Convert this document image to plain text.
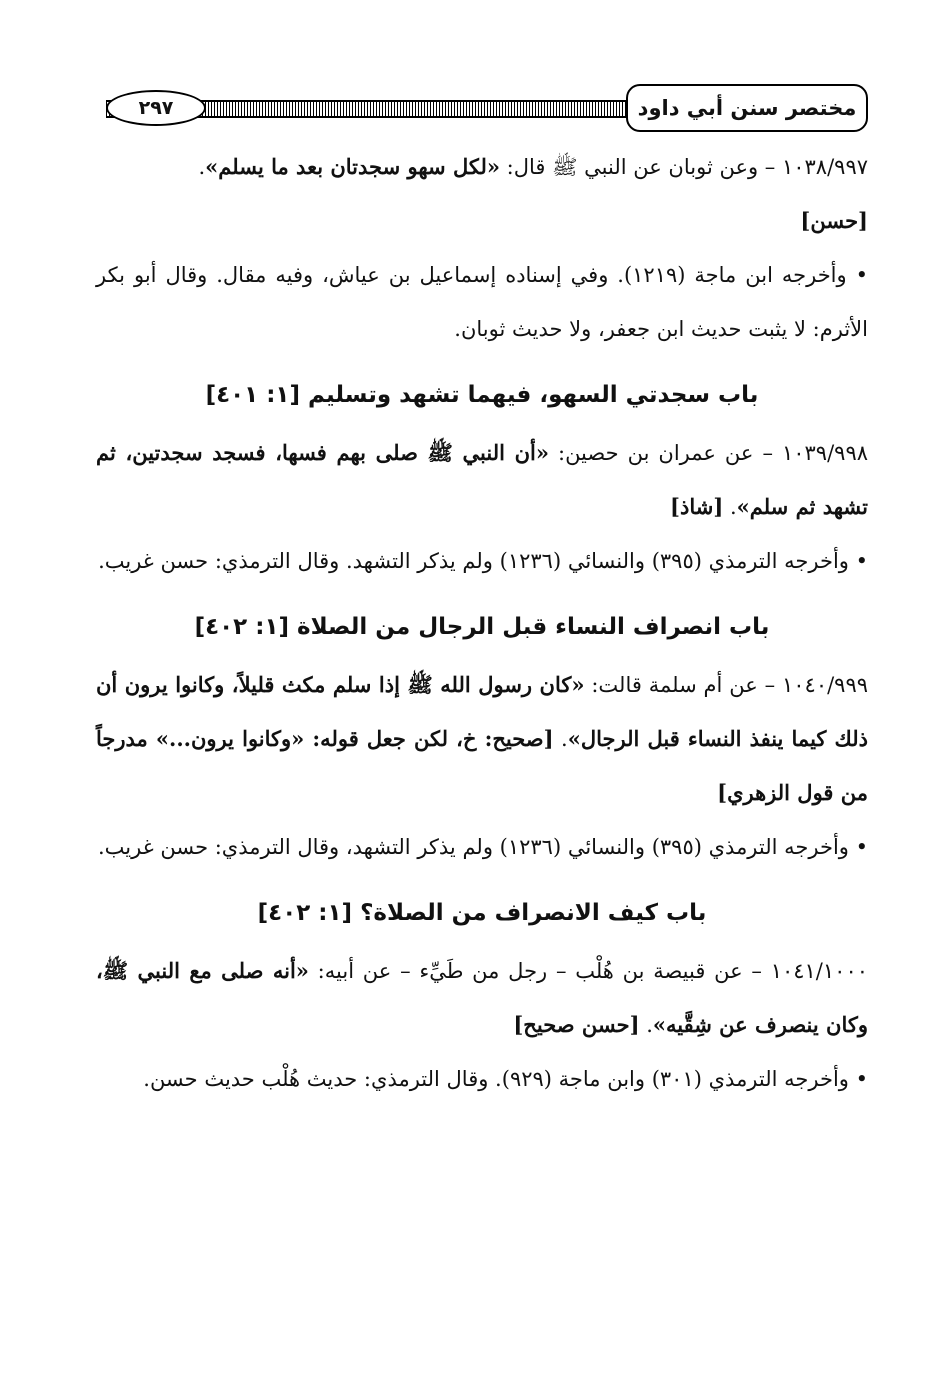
٢٩٧	مختصر سنن أبي داود

١٠٣٨/٩٩٧ – وعن ثوبان عن النبي ﷺ قال: «لكل سهو سجدتان بعد ما يسلم».

[حسن]

• وأخرجه ابن ماجة (١٢١٩). وفي إسناده إسماعيل بن عياش، وفيه مقال. وقال أبو بكر الأثرم: لا يثبت حديث ابن جعفر، ولا حديث ثوبان.

باب سجدتي السهو، فيهما تشهد وتسليم [١: ٤٠١]

١٠٣٩/٩٩٨ – عن عمران بن حصين: «أن النبي ﷺ صلى بهم فسها، فسجد سجدتين، ثم تشهد ثم سلم». [شاذ]

• وأخرجه الترمذي (٣٩٥) والنسائي (١٢٣٦) ولم يذكر التشهد. وقال الترمذي: حسن غريب.

باب انصراف النساء قبل الرجال من الصلاة [١: ٤٠٢]

١٠٤٠/٩٩٩ – عن أم سلمة قالت: «كان رسول الله ﷺ إذا سلم مكث قليلاً، وكانوا يرون أن ذلك كيما ينفذ النساء قبل الرجال». [صحيح: خ، لكن جعل قوله: «وكانوا يرون...» مدرجاً من قول الزهري]

• وأخرجه الترمذي (٣٩٥) والنسائي (١٢٣٦) ولم يذكر التشهد، وقال الترمذي: حسن غريب.

باب كيف الانصراف من الصلاة؟ [١: ٤٠٢]

١٠٤١/١٠٠٠ – عن قبيصة بن هُلْب – رجل من طَيِّء – عن أبيه: «أنه صلى مع النبي ﷺ، وكان ينصرف عن شِقَّيه». [حسن صحيح]

• وأخرجه الترمذي (٣٠١) وابن ماجة (٩٢٩). وقال الترمذي: حديث هُلْب حديث حسن.
